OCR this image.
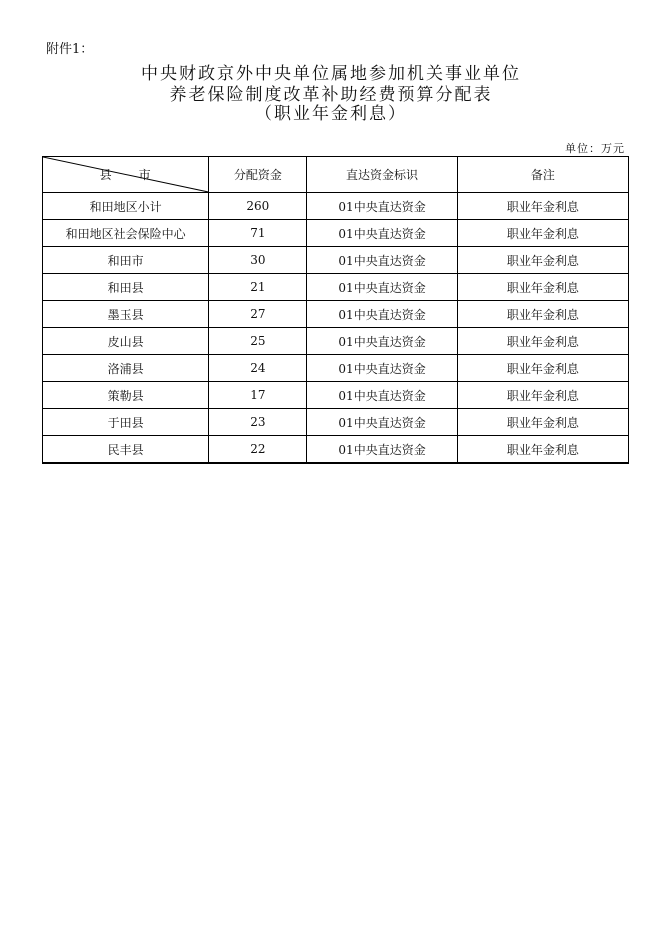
附件1：
中央财政京外中央单位属地参加机关事业单位
养老保险制度改革补助经费预算分配表
（职业年金利息）
单位：万元
县　　市	分配资金	直达资金标识	备注
和田地区小计	260	01中央直达资金	职业年金利息
和田地区社会保险中心	71	01中央直达资金	职业年金利息
和田市	30	01中央直达资金	职业年金利息
和田县	21	01中央直达资金	职业年金利息
墨玉县	27	01中央直达资金	职业年金利息
皮山县	25	01中央直达资金	职业年金利息
洛浦县	24	01中央直达资金	职业年金利息
策勒县	17	01中央直达资金	职业年金利息
于田县	23	01中央直达资金	职业年金利息
民丰县	22	01中央直达资金	职业年金利息
